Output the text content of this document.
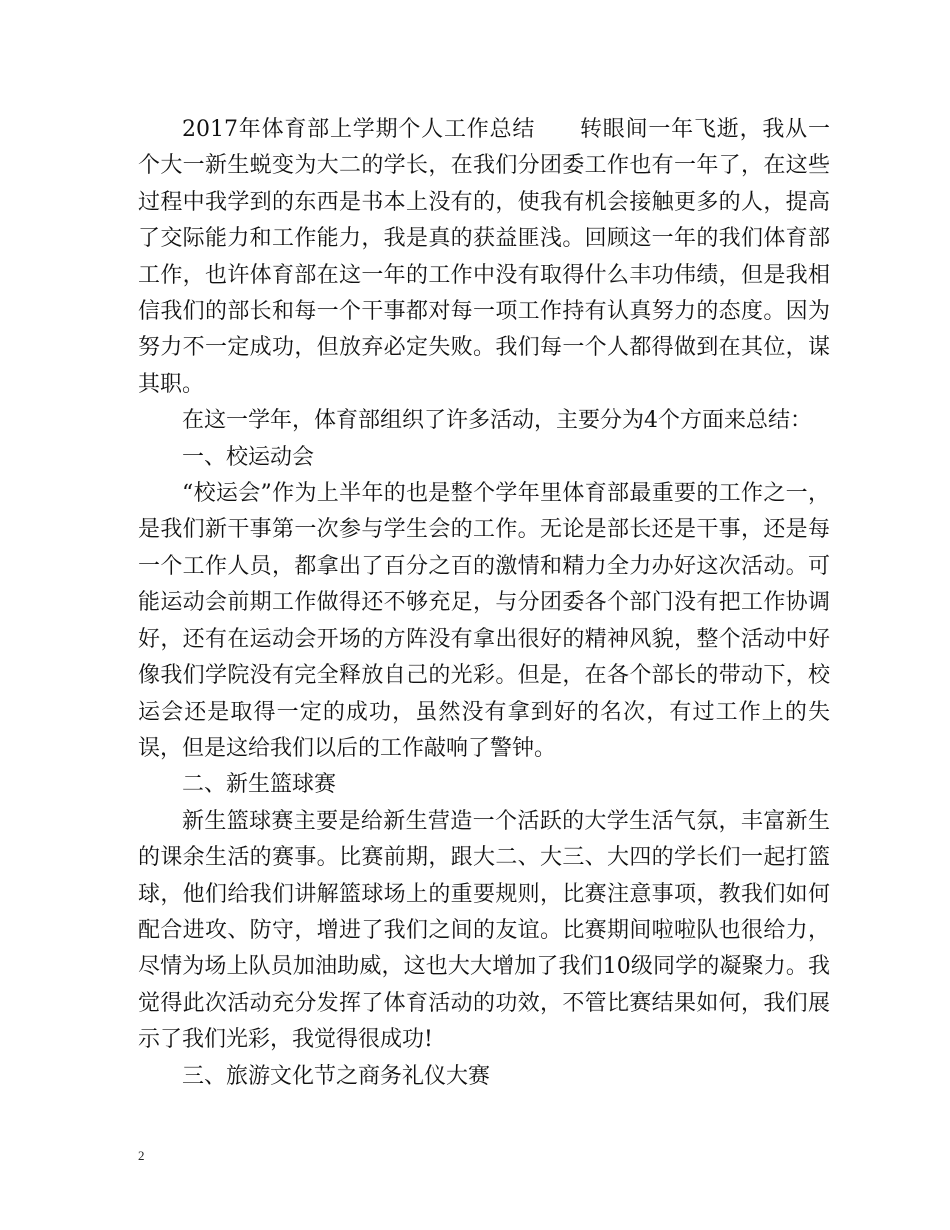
2017年体育部上学期个人工作总结 转眼间一年飞逝，我从一个大一新生蜕变为大二的学长，在我们分团委工作也有一年了，在这些过程中我学到的东西是书本上没有的，使我有机会接触更多的人，提高了交际能力和工作能力，我是真的获益匪浅。回顾这一年的我们体育部工作，也许体育部在这一年的工作中没有取得什么丰功伟绩，但是我相信我们的部长和每一个干事都对每一项工作持有认真努力的态度。因为努力不一定成功，但放弃必定失败。我们每一个人都得做到在其位，谋其职。

在这一学年，体育部组织了许多活动，主要分为4个方面来总结：

一、校运动会

“校运会”作为上半年的也是整个学年里体育部最重要的工作之一，是我们新干事第一次参与学生会的工作。无论是部长还是干事，还是每一个工作人员，都拿出了百分之百的激情和精力全力办好这次活动。可能运动会前期工作做得还不够充足，与分团委各个部门没有把工作协调好，还有在运动会开场的方阵没有拿出很好的精神风貌，整个活动中好像我们学院没有完全释放自己的光彩。但是，在各个部长的带动下，校运会还是取得一定的成功，虽然没有拿到好的名次，有过工作上的失误，但是这给我们以后的工作敲响了警钟。

二、新生篮球赛

新生篮球赛主要是给新生营造一个活跃的大学生活气氛，丰富新生的课余生活的赛事。比赛前期，跟大二、大三、大四的学长们一起打篮球，他们给我们讲解篮球场上的重要规则，比赛注意事项，教我们如何配合进攻、防守，增进了我们之间的友谊。比赛期间啦啦队也很给力，尽情为场上队员加油助威，这也大大增加了我们10级同学的凝聚力。我觉得此次活动充分发挥了体育活动的功效，不管比赛结果如何，我们展示了我们光彩，我觉得很成功!

三、旅游文化节之商务礼仪大赛

2
